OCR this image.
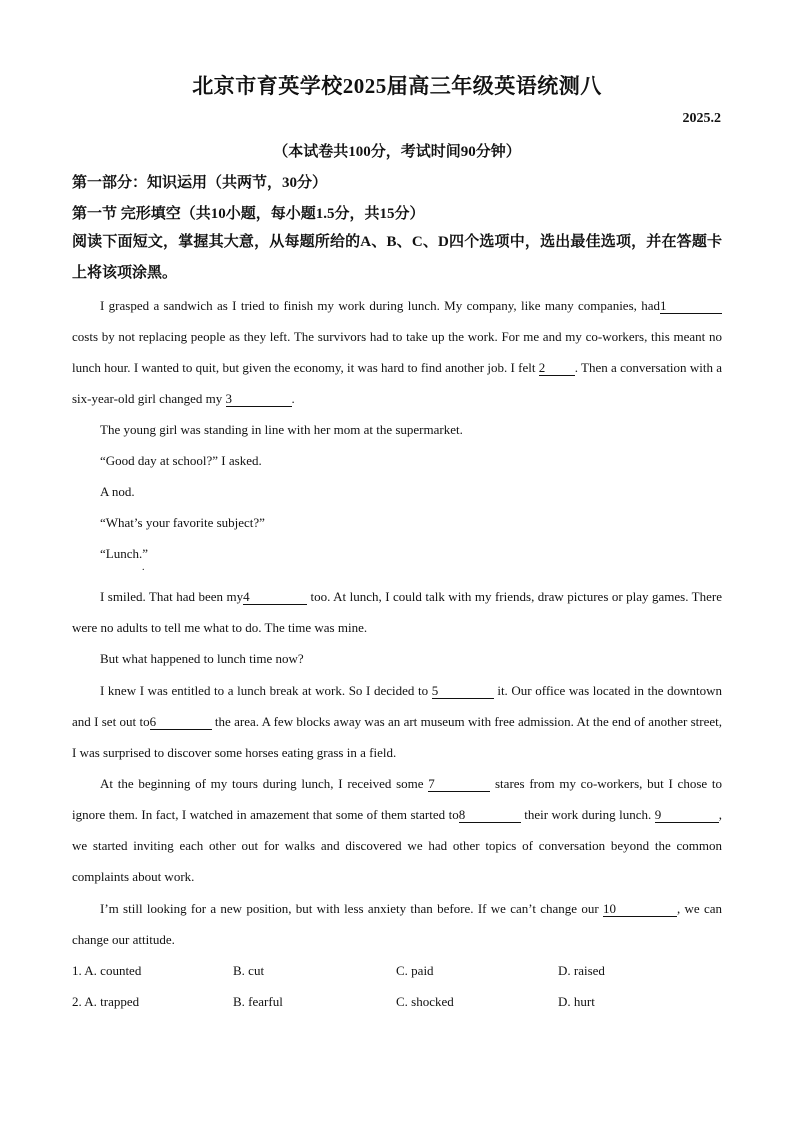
北京市育英学校2025届高三年级英语统测八
2025.2
（本试卷共100分，考试时间90分钟）
第一部分：知识运用（共两节，30分）
第一节 完形填空（共10小题，每小题1.5分，共15分）
阅读下面短文，掌握其大意，从每题所给的A、B、C、D四个选项中，选出最佳选项，并在答题卡上将该项涂黑。
I grasped a sandwich as I tried to finish my work during lunch. My company, like many companies, had1 costs by not replacing people as they left. The survivors had to take up the work. For me and my co-workers, this meant no lunch hour. I wanted to quit, but given the economy, it was hard to find another job. I felt 2 . Then a conversation with a six-year-old girl changed my 3	.
The young girl was standing in line with her mom at the supermarket.
“Good day at school?” I asked.
A nod.
“What’s your favorite subject?”
“Lunch.”
.
I smiled. That had been my4	too. At lunch, I could talk with my friends, draw pictures or play games. There were no adults to tell me what to do. The time was mine.
But what happened to lunch time now?
I knew I was entitled to a lunch break at work. So I decided to 5	it. Our office was located in the downtown and I set out to6	the area. A few blocks away was an art museum with free admission. At the end of another street, I was surprised to discover some horses eating grass in a field.
At the beginning of my tours during lunch, I received some 7	stares from my co-workers, but I chose to ignore them. In fact, I watched in amazement that some of them started to8	their work during lunch. 9	, we started inviting each other out for walks and discovered we had other topics of conversation beyond the common complaints about work.
I’m still looking for a new position, but with less anxiety than before. If we can’t change our 10	, we can change our attitude.
1. A. counted	B. cut	C. paid	D. raised
2. A. trapped	B. fearful	C. shocked	D. hurt
